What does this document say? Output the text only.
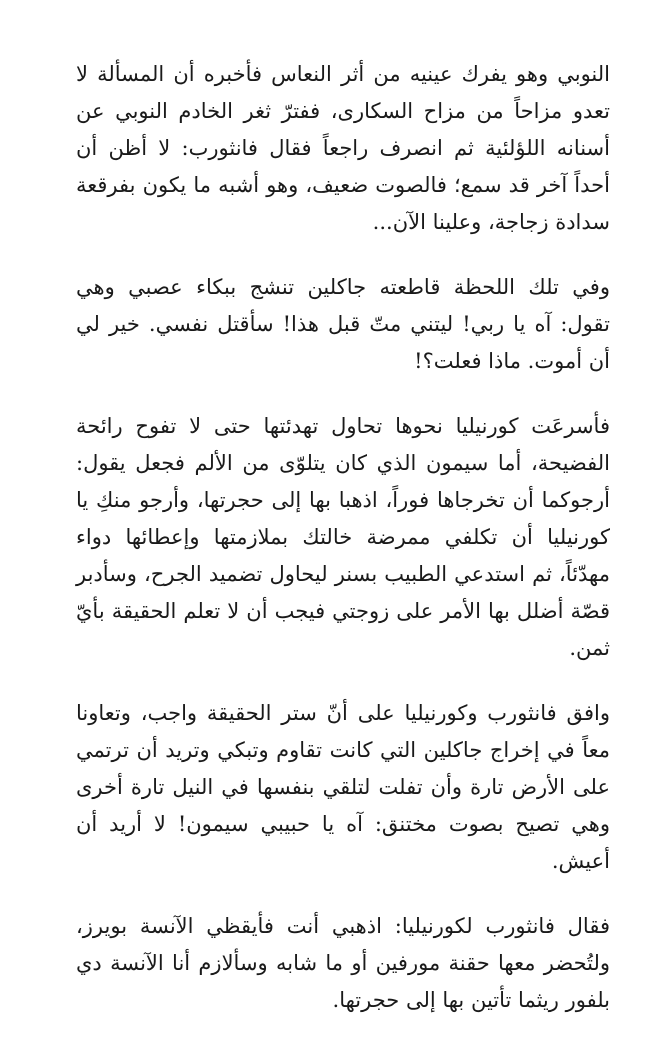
النوبي وهو يفرك عينيه من أثر النعاس فأخبره أن المسألة لا تعدو مزاحاً من مزاح السكارى، ففترّ ثغر الخادم النوبي عن أسنانه اللؤلئية ثم انصرف راجعاً فقال فانثورب: لا أظن أن أحداً آخر قد سمع؛ فالصوت ضعيف، وهو أشبه ما يكون بفرقعة سدادة زجاجة، وعلينا الآن...

وفي تلك اللحظة قاطعته جاكلين تنشج ببكاء عصبي وهي تقول: آه يا ربي! ليتني متّ قبل هذا! سأقتل نفسي. خير لي أن أموت. ماذا فعلت؟!

فأسرعَت كورنيليا نحوها تحاول تهدئتها حتى لا تفوح رائحة الفضيحة، أما سيمون الذي كان يتلوّى من الألم فجعل يقول: أرجوكما أن تخرجاها فوراً، اذهبا بها إلى حجرتها، وأرجو منكِ يا كورنيليا أن تكلفي ممرضة خالتك بملازمتها وإعطائها دواء مهدّئاً، ثم استدعي الطبيب بسنر ليحاول تضميد الجرح، وسأدبر قصّة أضلل بها الأمر على زوجتي فيجب أن لا تعلم الحقيقة بأيّ ثمن.

وافق فانثورب وكورنيليا على أنّ ستر الحقيقة واجب، وتعاونا معاً في إخراج جاكلين التي كانت تقاوم وتبكي وتريد أن ترتمي على الأرض تارة وأن تفلت لتلقي بنفسها في النيل تارة أخرى وهي تصيح بصوت مختنق: آه يا حبيبي سيمون! لا أريد أن أعيش.

فقال فانثورب لكورنيليا: اذهبي أنت فأيقظي الآنسة بويرز، ولتُحضر معها حقنة مورفين أو ما شابه وسألازم أنا الآنسة دي بلفور ريثما تأتين بها إلى حجرتها.
